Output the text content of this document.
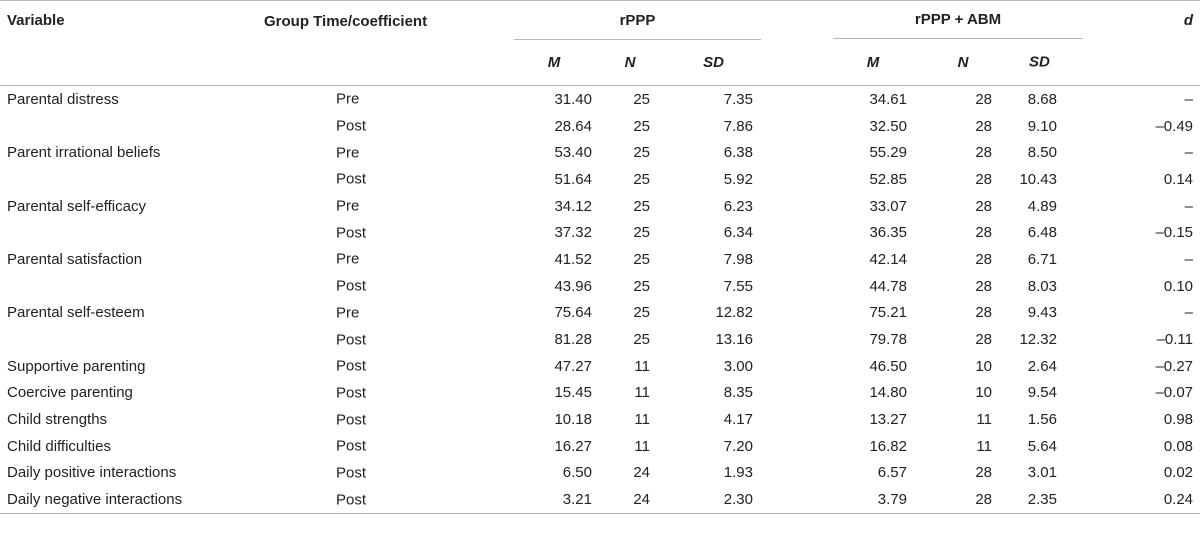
Variable	Group Time/coefficient	rPPP				rPPP + ABM d		

		M	N	SD		M	N	SD

Parental distress	Pre	31.40	25	7.35		34.61	28	8.68 –

	Post	28.64	25	7.86		32.50	28	9.10 –0.49

Parent irrational beliefs	Pre	53.40	25	6.38		55.29	28	8.50 –

	Post	51.64	25	5.92		52.85	28	10.43 0.14

Parental self-efficacy	Pre	34.12	25	6.23		33.07	28	4.89 –

	Post	37.32	25	6.34		36.35	28	6.48 –0.15

Parental satisfaction	Pre	41.52	25	7.98		42.14	28	6.71 –

	Post	43.96	25	7.55		44.78	28	8.03 0.10

Parental self-esteem	Pre	75.64	25	12.82		75.21	28	9.43 –

	Post	81.28	25	13.16		79.78	28	12.32 –0.11

Supportive parenting	Post	47.27	11	3.00		46.50	10	2.64 –0.27

Coercive parenting	Post	15.45	11	8.35		14.80	10	9.54 –0.07

Child strengths	Post	10.18	11	4.17		13.27	11	1.56 0.98

Child difficulties	Post	16.27	11	7.20		16.82	11	5.64 0.08

Daily positive interactions	Post	6.50	24	1.93		6.57	28	3.01 0.02

Daily negative interactions	Post	3.21	24	2.30		3.79	28	2.35 0.24
